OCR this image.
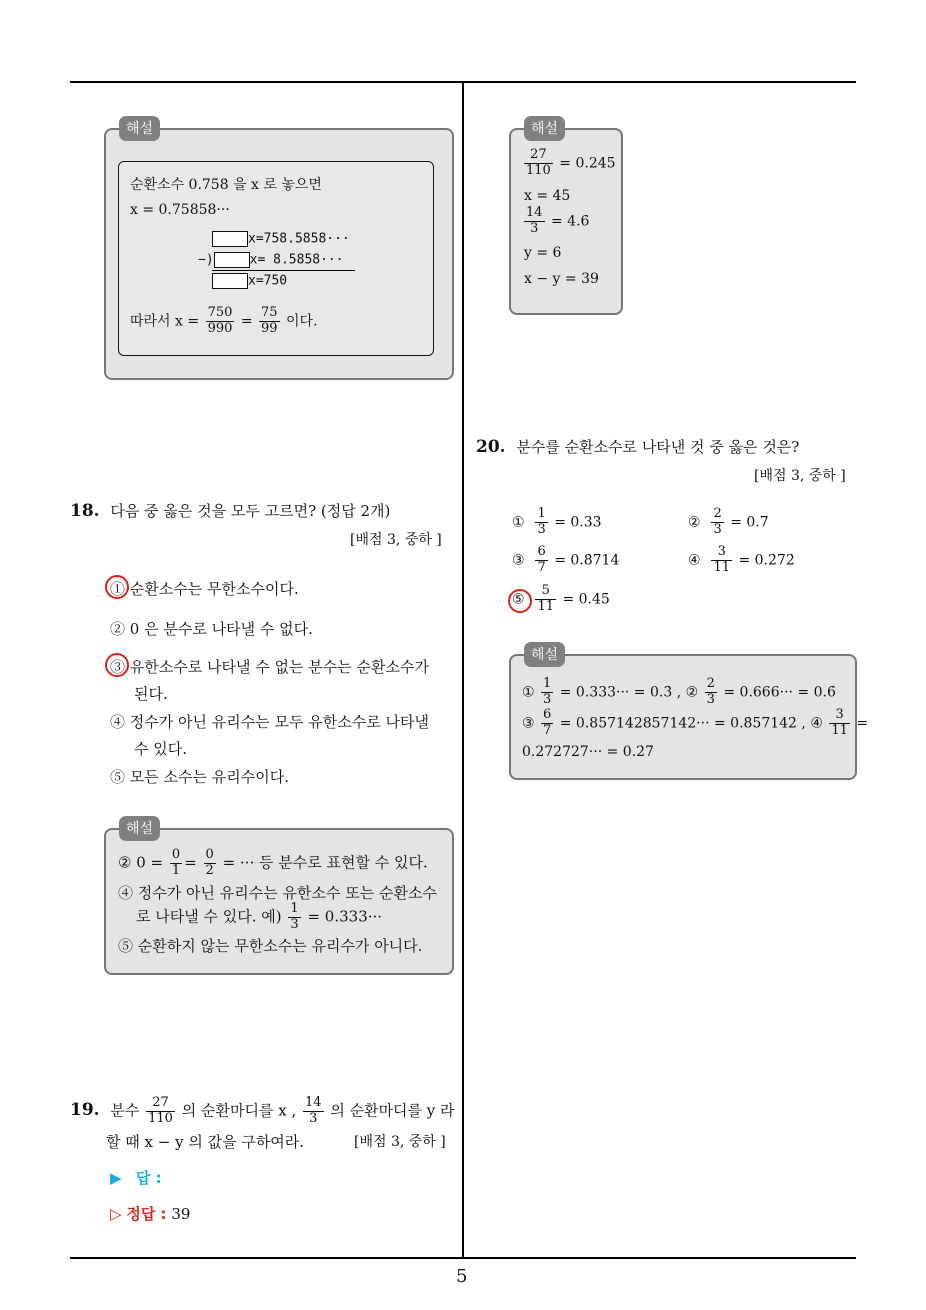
5
해설
순환소수 0.75̇8̇ 을 x 로 놓으면
x = 0.75858···
x=758.5858···
−)	x= 8.5858···
x=750
따라서 $x = \frac{750}{990} = \frac{75}{99}$ 이다.
18. 다음 중 옳은 것을 모두 고르면? (정답 2개)
[배점 3, 중하 ]
① 순환소수는 무한소수이다.
② 0 은 분수로 나타낼 수 없다.
③ 유한소수로 나타낼 수 없는 분수는 순환소수가
된다.
④ 정수가 아닌 유리수는 모두 유한소수로 나타낼
수 있다.
⑤ 모든 소수는 유리수이다.
해설
② $0 = \frac{0}{1} = \frac{0}{2}$ = ··· 등 분수로 표현할 수 있다.
④ 정수가 아닌 유리수는 유한소수 또는 순환소수
로 나타낼 수 있다. 예) $\frac{1}{3} = 0.333\cdot\cdot\cdot$
⑤ 순환하지 않는 무한소수는 유리수가 아니다.
19. 분수 $\frac{27}{110}$ 의 순환마디를 x , $\frac{14}{3}$ 의 순환마디를 y 라
할 때 x − y 의 값을 구하여라.	[배점 3, 중하 ]
▶ 답 :
▷ 정답 : 39
해설
$\frac{27}{110}$ = 0.24̇5̇
x = 45
$\frac{14}{3}$ = 4.6̇
y = 6
x − y = 39
20. 분수를 순환소수로 나타낸 것 중 옳은 것은?
[배점 3, 중하 ]
① $\frac{1}{3}$ = 0.33̇	② $\frac{2}{3}$ = 0.7̇
③ $\frac{6}{7}$ = 0.8̇714̇	④ $\frac{3}{11}$ = 0.2̇72̇
⑤ $\frac{5}{11}$ = 0.4̇5̇
해설
① $\frac{1}{3} = 0.333\cdot\cdot\cdot$ = 0.3̇ , ② $\frac{2}{3} = 0.666\cdot\cdot\cdot$ = 0.6̇
③ $\frac{6}{7} = 0.857142857142\cdot\cdot\cdot$ = 0.8̇57142̇ , ④ $\frac{3}{11}$ =
0.272727··· = 0.2̇7̇
